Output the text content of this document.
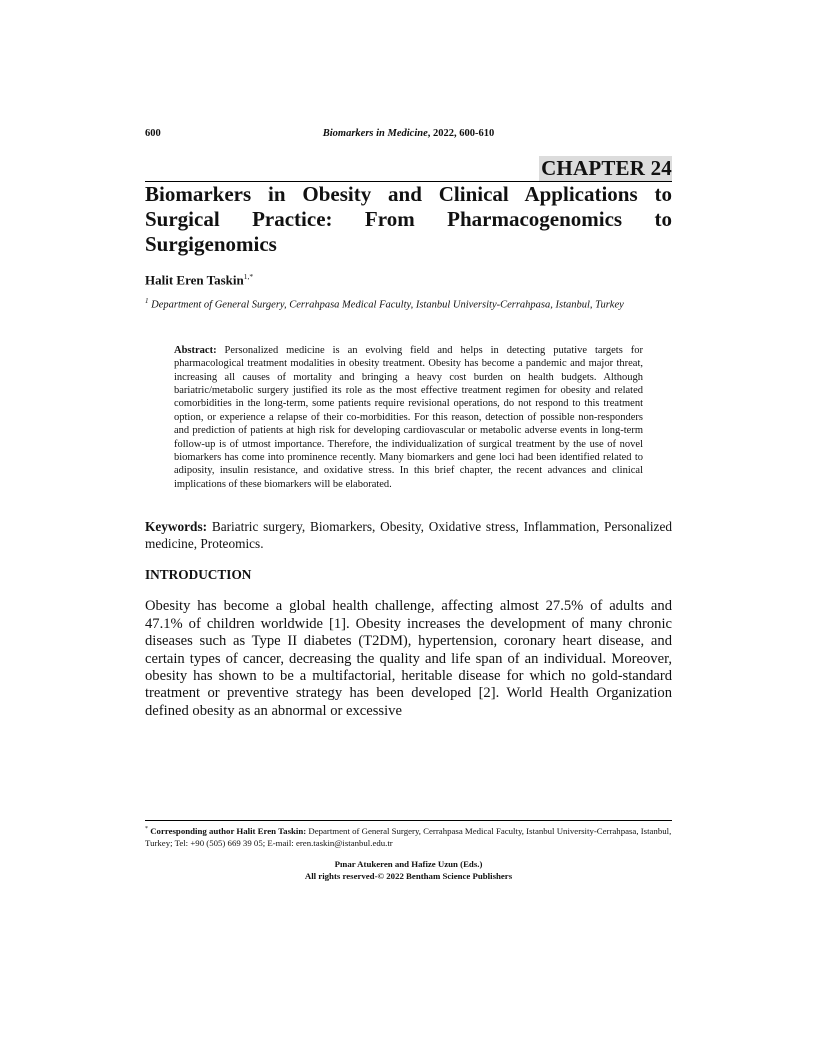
600	Biomarkers in Medicine, 2022, 600-610
CHAPTER 24
Biomarkers in Obesity and Clinical Applications to Surgical Practice: From Pharmacogenomics to Surgigenomics
Halit Eren Taskin$^{1,*}$
$^1$ Department of General Surgery, Cerrahpasa Medical Faculty, Istanbul University-Cerrahpasa, Istanbul, Turkey
Abstract: Personalized medicine is an evolving field and helps in detecting putative targets for pharmacological treatment modalities in obesity treatment. Obesity has become a pandemic and major threat, increasing all causes of mortality and bringing a heavy cost burden on health budgets. Although bariatric/metabolic surgery justified its role as the most effective treatment regimen for obesity and related comorbidities in the long-term, some patients require revisional operations, do not respond to this treatment option, or experience a relapse of their co-morbidities. For this reason, detection of possible non-responders and prediction of patients at high risk for developing cardiovascular or metabolic adverse events in long-term follow-up is of utmost importance. Therefore, the individualization of surgical treatment by the use of novel biomarkers has come into prominence recently. Many biomarkers and gene loci had been identified related to adiposity, insulin resistance, and oxidative stress. In this brief chapter, the recent advances and clinical implications of these biomarkers will be elaborated.
Keywords: Bariatric surgery, Biomarkers, Obesity, Oxidative stress, Inflammation, Personalized medicine, Proteomics.
INTRODUCTION
Obesity has become a global health challenge, affecting almost 27.5% of adults and 47.1% of children worldwide [1]. Obesity increases the development of many chronic diseases such as Type II diabetes (T2DM), hypertension, coronary heart disease, and certain types of cancer, decreasing the quality and life span of an individual. Moreover, obesity has shown to be a multifactorial, heritable disease for which no gold-standard treatment or preventive strategy has been developed [2]. World Health Organization defined obesity as an abnormal or excessive
* Corresponding author Halit Eren Taskin: Department of General Surgery, Cerrahpasa Medical Faculty, Istanbul University-Cerrahpasa, Istanbul, Turkey; Tel: +90 (505) 669 39 05; E-mail: eren.taskin@istanbul.edu.tr
Pınar Atukeren and Hafize Uzun (Eds.)
All rights reserved-© 2022 Bentham Science Publishers
